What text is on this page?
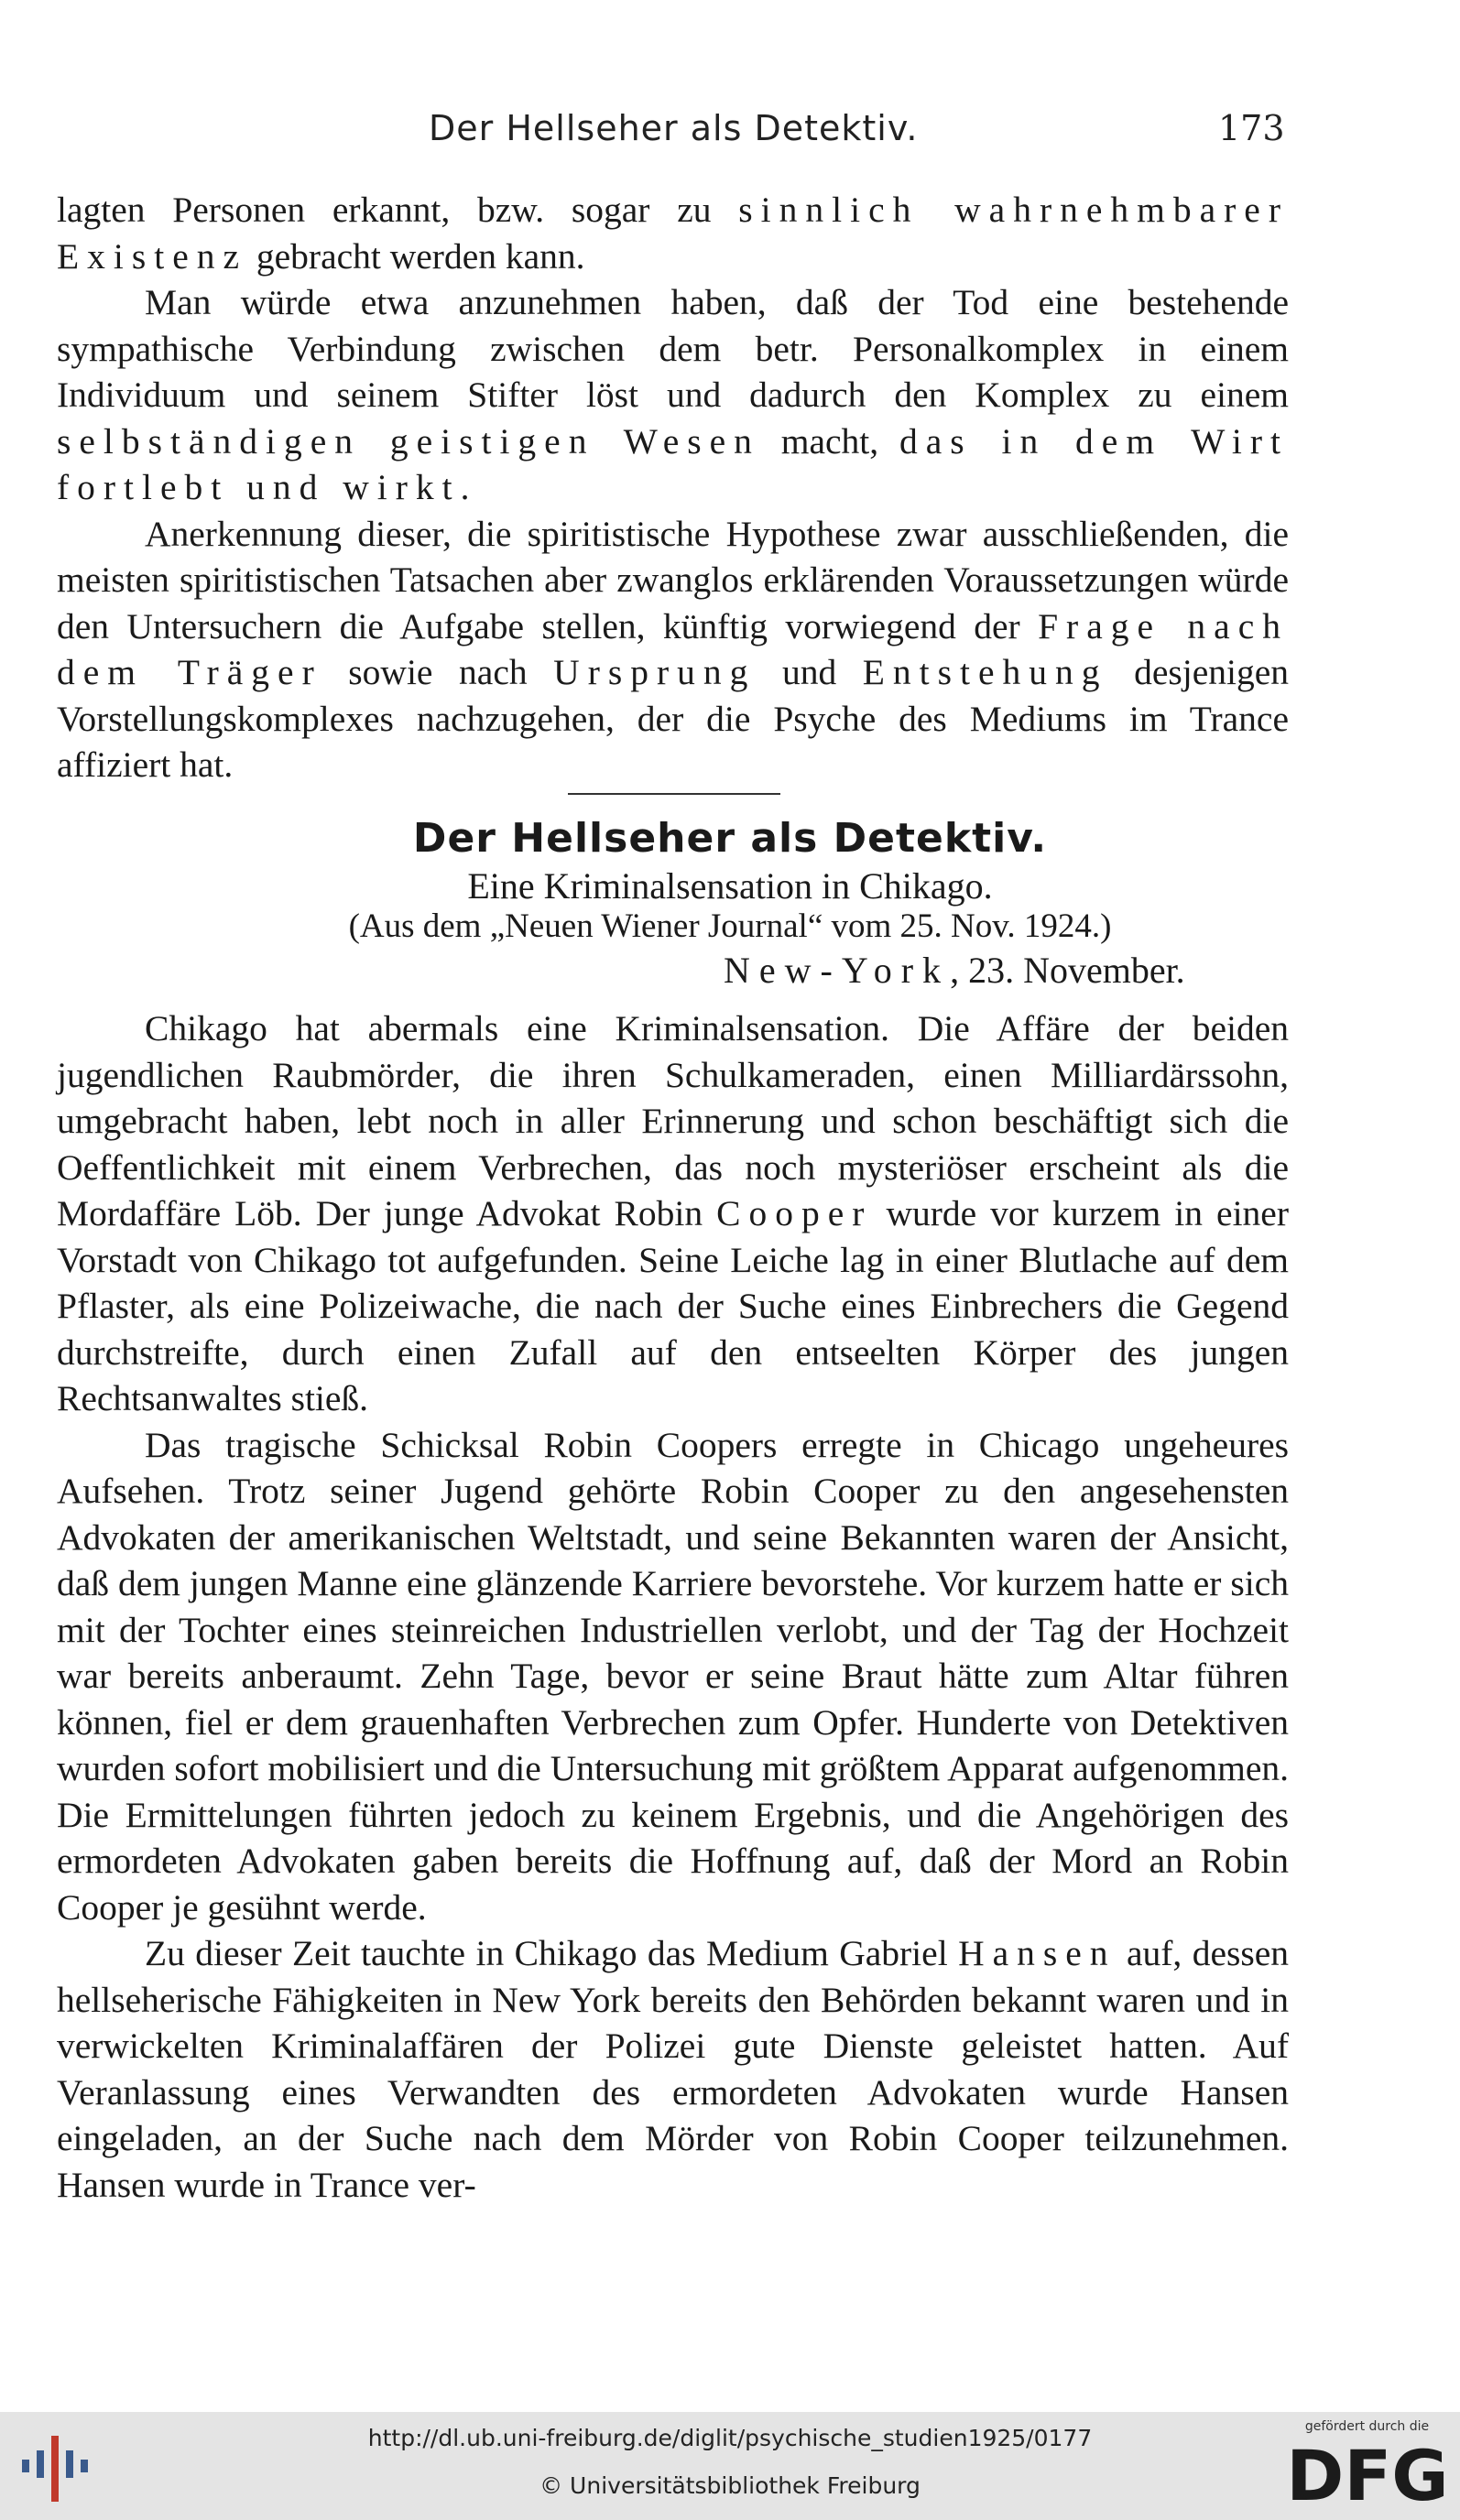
Der Hellseher als Detektiv.	173

lagten Personen erkannt, bzw. sogar zu sinnlich wahrnehmbarer Existenz gebracht werden kann.

Man würde etwa anzunehmen haben, daß der Tod eine bestehende sympathische Verbindung zwischen dem betr. Personalkomplex in einem Individuum und seinem Stifter löst und dadurch den Komplex zu einem selbständigen geistigen Wesen macht, das in dem Wirt fortlebt und wirkt.

Anerkennung dieser, die spiritistische Hypothese zwar ausschließenden, die meisten spiritistischen Tatsachen aber zwanglos erklärenden Voraussetzungen würde den Untersuchern die Aufgabe stellen, künftig vorwiegend der Frage nach dem Träger sowie nach Ursprung und Entstehung desjenigen Vorstellungskomplexes nachzugehen, der die Psyche des Mediums im Trance affiziert hat.

Der Hellseher als Detektiv.
Eine Kriminalsensation in Chikago.
(Aus dem „Neuen Wiener Journal“ vom 25. Nov. 1924.)
New-York, 23. November.

Chikago hat abermals eine Kriminalsensation. Die Affäre der beiden jugendlichen Raubmörder, die ihren Schulkameraden, einen Milliardärssohn, umgebracht haben, lebt noch in aller Erinnerung und schon beschäftigt sich die Oeffentlichkeit mit einem Verbrechen, das noch mysteriöser erscheint als die Mordaffäre Löb. Der junge Advokat Robin Cooper wurde vor kurzem in einer Vorstadt von Chikago tot aufgefunden. Seine Leiche lag in einer Blutlache auf dem Pflaster, als eine Polizeiwache, die nach der Suche eines Einbrechers die Gegend durchstreifte, durch einen Zufall auf den entseelten Körper des jungen Rechtsanwaltes stieß.

Das tragische Schicksal Robin Coopers erregte in Chicago ungeheures Aufsehen. Trotz seiner Jugend gehörte Robin Cooper zu den angesehensten Advokaten der amerikanischen Weltstadt, und seine Bekannten waren der Ansicht, daß dem jungen Manne eine glänzende Karriere bevorstehe. Vor kurzem hatte er sich mit der Tochter eines steinreichen Industriellen verlobt, und der Tag der Hochzeit war bereits anberaumt. Zehn Tage, bevor er seine Braut hätte zum Altar führen können, fiel er dem grauenhaften Verbrechen zum Opfer. Hunderte von Detektiven wurden sofort mobilisiert und die Untersuchung mit größtem Apparat aufgenommen. Die Ermittelungen führten jedoch zu keinem Ergebnis, und die Angehörigen des ermordeten Advokaten gaben bereits die Hoffnung auf, daß der Mord an Robin Cooper je gesühnt werde.

Zu dieser Zeit tauchte in Chikago das Medium Gabriel Hansen auf, dessen hellseherische Fähigkeiten in New York bereits den Behörden bekannt waren und in verwickelten Kriminalaffären der Polizei gute Dienste geleistet hatten. Auf Veranlassung eines Verwandten des ermordeten Advokaten wurde Hansen eingeladen, an der Suche nach dem Mörder von Robin Cooper teilzunehmen. Hansen wurde in Trance ver-

http://dl.ub.uni-freiburg.de/diglit/psychische_studien1925/0177
© Universitätsbibliothek Freiburg
gefördert durch die
DFG
